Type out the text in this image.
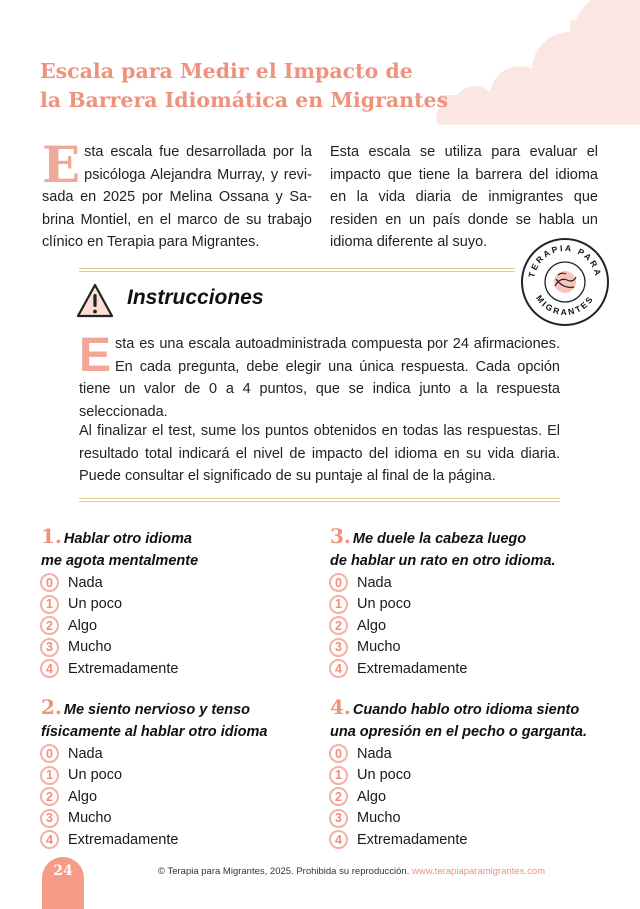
Escala para Medir el Impacto de
la Barrera Idiomática en Migrantes

Esta escala fue desarrollada por la psicóloga Alejandra Murray, y revisada en 2025 por Melina Ossana y Sabrina Montiel, en el marco de su trabajo clínico en Terapia para Migrantes.

Esta escala se utiliza para evaluar el impacto que tiene la barrera del idioma en la vida diaria de inmigrantes que residen en un país donde se habla un idioma diferente al suyo.

TERAPIA PARA
MIGRANTES
Instrucciones

Esta es una escala autoadministrada compuesta por 24 afirmaciones. En cada pregunta, debe elegir una única respuesta. Cada opción tiene un valor de 0 a 4 puntos, que se indica junto a la respuesta seleccionada.

Al finalizar el test, sume los puntos obtenidos en todas las respuestas. El resultado total indicará el nivel de impacto del idioma en su vida diaria. Puede consultar el significado de su puntaje al final de la página.

1. Hablar otro idioma
me agota mentalmente

0	Nada
1	Un poco
2	Algo
3	Mucho
4	Extremadamente

2. Me siento nervioso y tenso
físicamente al hablar otro idioma

0	Nada
1	Un poco
2	Algo
3	Mucho
4	Extremadamente

3. Me duele la cabeza luego
de hablar un rato en otro idioma.

0	Nada
1	Un poco
2	Algo
3	Mucho
4	Extremadamente

4. Cuando hablo otro idioma siento
una opresión en el pecho o garganta.

0	Nada
1	Un poco
2	Algo
3	Mucho
4	Extremadamente
24	© Terapia para Migrantes, 2025. Prohibida su reproducción. www.terapiaparamigrantes.com
